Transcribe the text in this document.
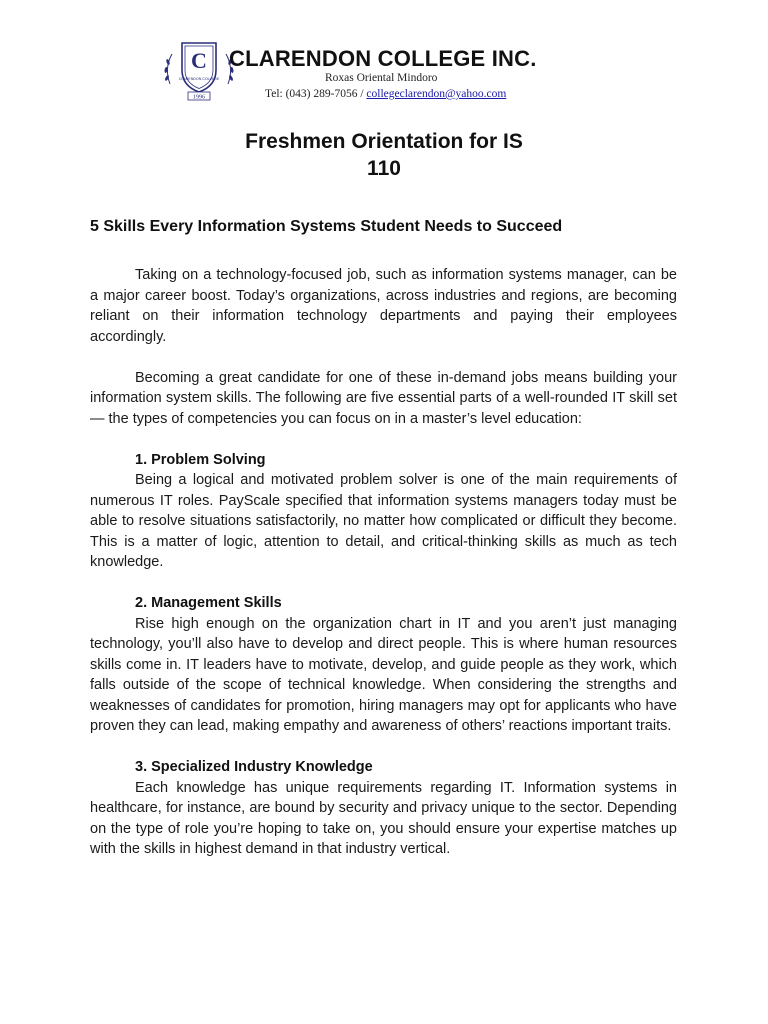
C
CLARENDON COLLEGE
1996
CLARENDON COLLEGE INC.
Roxas Oriental Mindoro
Tel: (043) 289-7056 / collegeclarendon@yahoo.com
Freshmen Orientation for IS
110
5 Skills Every Information Systems Student Needs to Succeed

Taking on a technology-focused job, such as information systems manager, can be a major career boost. Today’s organizations, across industries and regions, are becoming reliant on their information technology departments and paying their employees accordingly.

Becoming a great candidate for one of these in-demand jobs means building your information system skills. The following are five essential parts of a well-rounded IT skill set — the types of competencies you can focus on in a master’s level education:

1. Problem Solving

Being a logical and motivated problem solver is one of the main requirements of numerous IT roles. PayScale specified that information systems managers today must be able to resolve situations satisfactorily, no matter how complicated or difficult they become. This is a matter of logic, attention to detail, and critical-thinking skills as much as tech knowledge.

2. Management Skills

Rise high enough on the organization chart in IT and you aren’t just managing technology, you’ll also have to develop and direct people. This is where human resources skills come in. IT leaders have to motivate, develop, and guide people as they work, which falls outside of the scope of technical knowledge. When considering the strengths and weaknesses of candidates for promotion, hiring managers may opt for applicants who have proven they can lead, making empathy and awareness of others’ reactions important traits.

3. Specialized Industry Knowledge

Each knowledge has unique requirements regarding IT. Information systems in healthcare, for instance, are bound by security and privacy unique to the sector. Depending on the type of role you’re hoping to take on, you should ensure your expertise matches up with the skills in highest demand in that industry vertical.
